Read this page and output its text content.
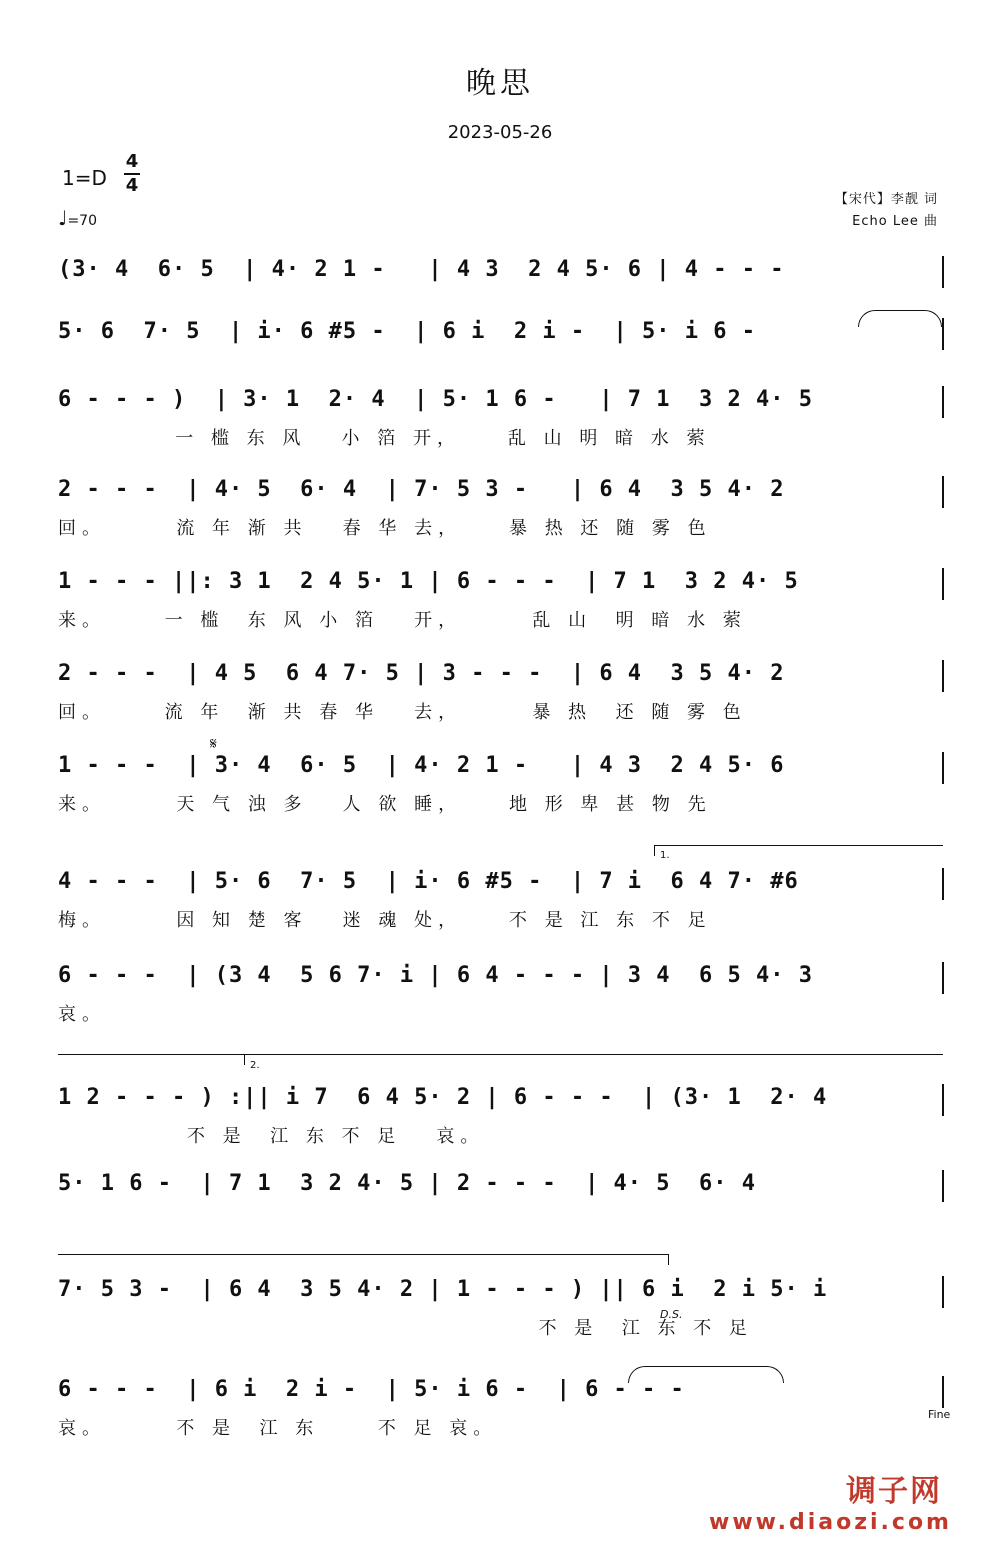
晚思
2023-05-26
1=D
4
4
♩=70
【宋代】李靓 词
Echo Lee 曲
(3· 4  6· 5  | 4· 2 1 -   | 4 3  2 4 5· 6 | 4 - - -
5· 6  7· 5  | i· 6 #5 -  | 6 i  2 i -  | 5· i 6 -
6 - - - )  | 3· 1  2· 4  | 5· 1 6 -   | 7 1  3 2 4· 5
一 槛 东 风   小 箔 开，    乱 山 明 暗 水 萦
2 - - -  | 4· 5  6· 4  | 7· 5 3 -   | 6 4  3 5 4· 2
回。      流 年 渐 共   春 华 去，    暴 热 还 随 雾 色
1 - - - ||: 3 1  2 4 5· 1 | 6 - - -  | 7 1  3 2 4· 5
来。     一 槛  东 风 小 箔   开，      乱 山  明 暗 水 萦
2 - - -  | 4 5  6 4 7· 5 | 3 - - -  | 6 4  3 5 4· 2
回。     流 年  渐 共 春 华   去，      暴 热  还 随 雾 色
1 - - -  | 3· 4  6· 5  | 4· 2 1 -   | 4 3  2 4 5· 6
来。      天 气 浊 多   人 欲 睡，    地 形 卑 甚 物 先
4 - - -  | 5· 6  7· 5  | i· 6 #5 -  | 7 i  6 4 7· #6
梅。      因 知 楚 客   迷 魂 处，    不 是 江 东 不 足
6 - - -  | (3 4  5 6 7· i | 6 4 - - - | 3 4  6 5 4· 3
哀。
1 2 - - - ) :|| i 7  6 4 5· 2 | 6 - - -  | (3· 1  2· 4
不 是  江 东 不 足   哀。
5· 1 6 -  | 7 1  3 2 4· 5 | 2 - - -  | 4· 5  6· 4
7· 5 3 -  | 6 4  3 5 4· 2 | 1 - - - ) || 6 i  2 i 5· i
不 是  江 东 不 足
6 - - -  | 6 i  2 i -  | 5· i 6 -  | 6 - - -
哀。      不 是  江 东     不 足 哀。
1.
2.
𝄋
D.S.
Fine
调子网
www.diaozi.com
